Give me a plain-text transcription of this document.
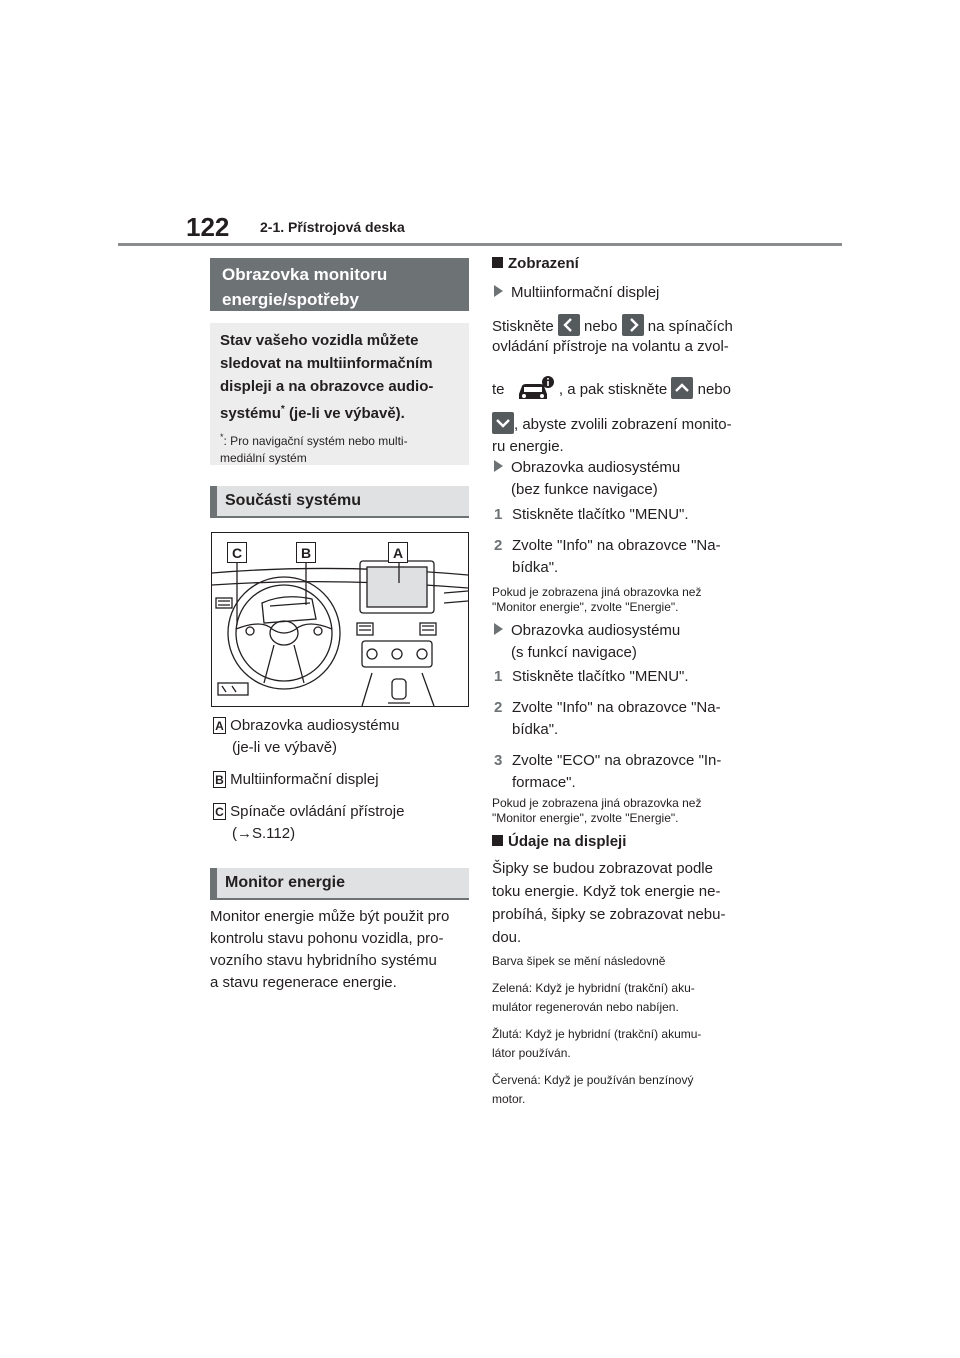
122 2-1. Přístrojová deska
Obrazovka monitoru
energie/spotřeby
Stav vašeho vozidla můžete
sledovat na multiinformačním
displeji a na obrazovce audio-
systému* (je-li ve výbavě).
*: Pro navigační systém nebo multi-
mediální systém
Součásti systému
C	B	A
A Obrazovka audiosystému
(je-li ve výbavě)
B Multiinformační displej
C Spínače ovládání přístroje
(→S.112)
Monitor energie
Monitor energie může být použit pro
kontrolu stavu pohonu vozidla, pro-
vozního stavu hybridního systému
a stavu regenerace energie.
Zobrazení
Multiinformační displej
Stiskněte nebo na spínačích
ovládání přístroje na volantu a zvol-
te	, a pak stiskněte nebo
, abyste zvolili zobrazení monito-
ru energie.
Obrazovka audiosystému
(bez funkce navigace)
1 Stiskněte tlačítko "MENU".
2 Zvolte "Info" na obrazovce "Na-
bídka".
Pokud je zobrazena jiná obrazovka než
"Monitor energie", zvolte "Energie".
Obrazovka audiosystému
(s funkcí navigace)
1 Stiskněte tlačítko "MENU".
2 Zvolte "Info" na obrazovce "Na-
bídka".
3 Zvolte "ECO" na obrazovce "In-
formace".
Pokud je zobrazena jiná obrazovka než
"Monitor energie", zvolte "Energie".
Údaje na displeji
Šipky se budou zobrazovat podle
toku energie. Když tok energie ne-
probíhá, šipky se zobrazovat nebu-
dou.
Barva šipek se mění následovně
Zelená: Když je hybridní (trakční) aku-
mulátor regenerován nebo nabíjen.
Žlutá: Když je hybridní (trakční) akumu-
látor používán.
Červená: Když je používán benzínový
motor.
